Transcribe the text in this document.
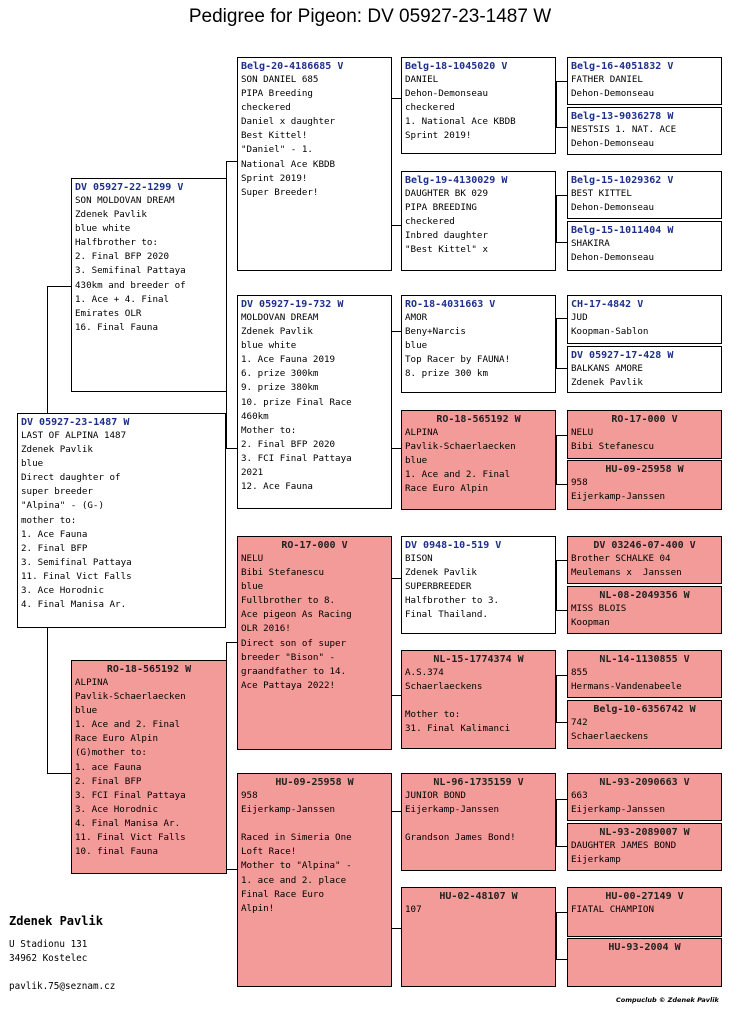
Pedigree for Pigeon: DV 05927-23-1487 W
DV 05927-23-1487 W
LAST OF ALPINA 1487
Zdenek Pavlik
blue
Direct daughter of
super breeder
"Alpina" - (G-)
mother to:
1. Ace Fauna
2. Final BFP
3. Semifinal Pattaya
11. Final Vict Falls
3. Ace Horodnic
4. Final Manisa Ar.
DV 05927-22-1299 V
SON MOLDOVAN DREAM
Zdenek Pavlik
blue white
Halfbrother to:
2. Final BFP 2020
3. Semifinal Pattaya
430km and breeder of
1. Ace + 4. Final
Emirates OLR
16. Final Fauna
RO-18-565192 W
ALPINA
Pavlik-Schaerlaecken
blue
1. Ace and 2. Final
Race Euro Alpin
(G)mother to:
1. ace Fauna
2. Final BFP
3. FCI Final Pattaya
3. Ace Horodnic
4. Final Manisa Ar.
11. Final Vict Falls
10. final Fauna
Belg-20-4186685 V
SON DANIEL 685
PIPA Breeding
checkered
Daniel x daughter
Best Kittel!
"Daniel" - 1.
National Ace KBDB
Sprint 2019!
Super Breeder!
DV 05927-19-732 W
MOLDOVAN DREAM
Zdenek Pavlik
blue white
1. Ace Fauna 2019
6. prize 300km
9. prize 380km
10. prize Final Race
460km
Mother to:
2. Final BFP 2020
3. FCI Final Pattaya
2021
12. Ace Fauna
RO-17-000 V
NELU
Bibi Stefanescu
blue
Fullbrother to 8.
Ace pigeon As Racing
OLR 2016!
Direct son of super
breeder "Bison" -
graandfather to 14.
Ace Pattaya 2022!
HU-09-25958 W
958
Eijerkamp-Janssen

Raced in Simeria One
Loft Race!
Mother to "Alpina" -
1. ace and 2. place
Final Race Euro
Alpin!
Belg-18-1045020 V
DANIEL
Dehon-Demonseau
checkered
1. National Ace KBDB
Sprint 2019!
Belg-19-4130029 W
DAUGHTER BK 029
PIPA BREEDING
checkered
Inbred daughter
"Best Kittel" x
RO-18-4031663 V
AMOR
Beny+Narcis
blue
Top Racer by FAUNA!
8. prize 300 km
RO-18-565192 W
ALPINA
Pavlik-Schaerlaecken
blue
1. Ace and 2. Final
Race Euro Alpin
DV 0948-10-519 V
BISON
Zdenek Pavlik
SUPERBREEDER
Halfbrother to 3.
Final Thailand.
NL-15-1774374 W
A.S.374
Schaerlaeckens

Mother to:
31. Final Kalimanci
NL-96-1735159 V
JUNIOR BOND
Eijerkamp-Janssen

Grandson James Bond!
HU-02-48107 W
107
Belg-16-4051832 V
FATHER DANIEL
Dehon-Demonseau
Belg-13-9036278 W
NESTSIS 1. NAT. ACE
Dehon-Demonseau
Belg-15-1029362 V
BEST KITTEL
Dehon-Demonseau
Belg-15-1011404 W
SHAKIRA
Dehon-Demonseau
CH-17-4842 V
JUD
Koopman-Sablon
DV 05927-17-428 W
BALKANS AMORE
Zdenek Pavlik
RO-17-000 V
NELU
Bibi Stefanescu
HU-09-25958 W
958
Eijerkamp-Janssen
DV 03246-07-400 V
Brother SCHALKE 04
Meulemans x  Janssen
NL-08-2049356 W
MISS BLOIS
Koopman
NL-14-1130855 V
855
Hermans-Vandenabeele
Belg-10-6356742 W
742
Schaerlaeckens
NL-93-2090663 V
663
Eijerkamp-Janssen
NL-93-2089007 W
DAUGHTER JAMES BOND
Eijerkamp
HU-00-27149 V
FIATAL CHAMPION
HU-93-2004 W
Zdenek Pavlik
U Stadionu 131
34962 Kostelec
pavlik.75@seznam.cz
Compuclub © Zdenek Pavlik
